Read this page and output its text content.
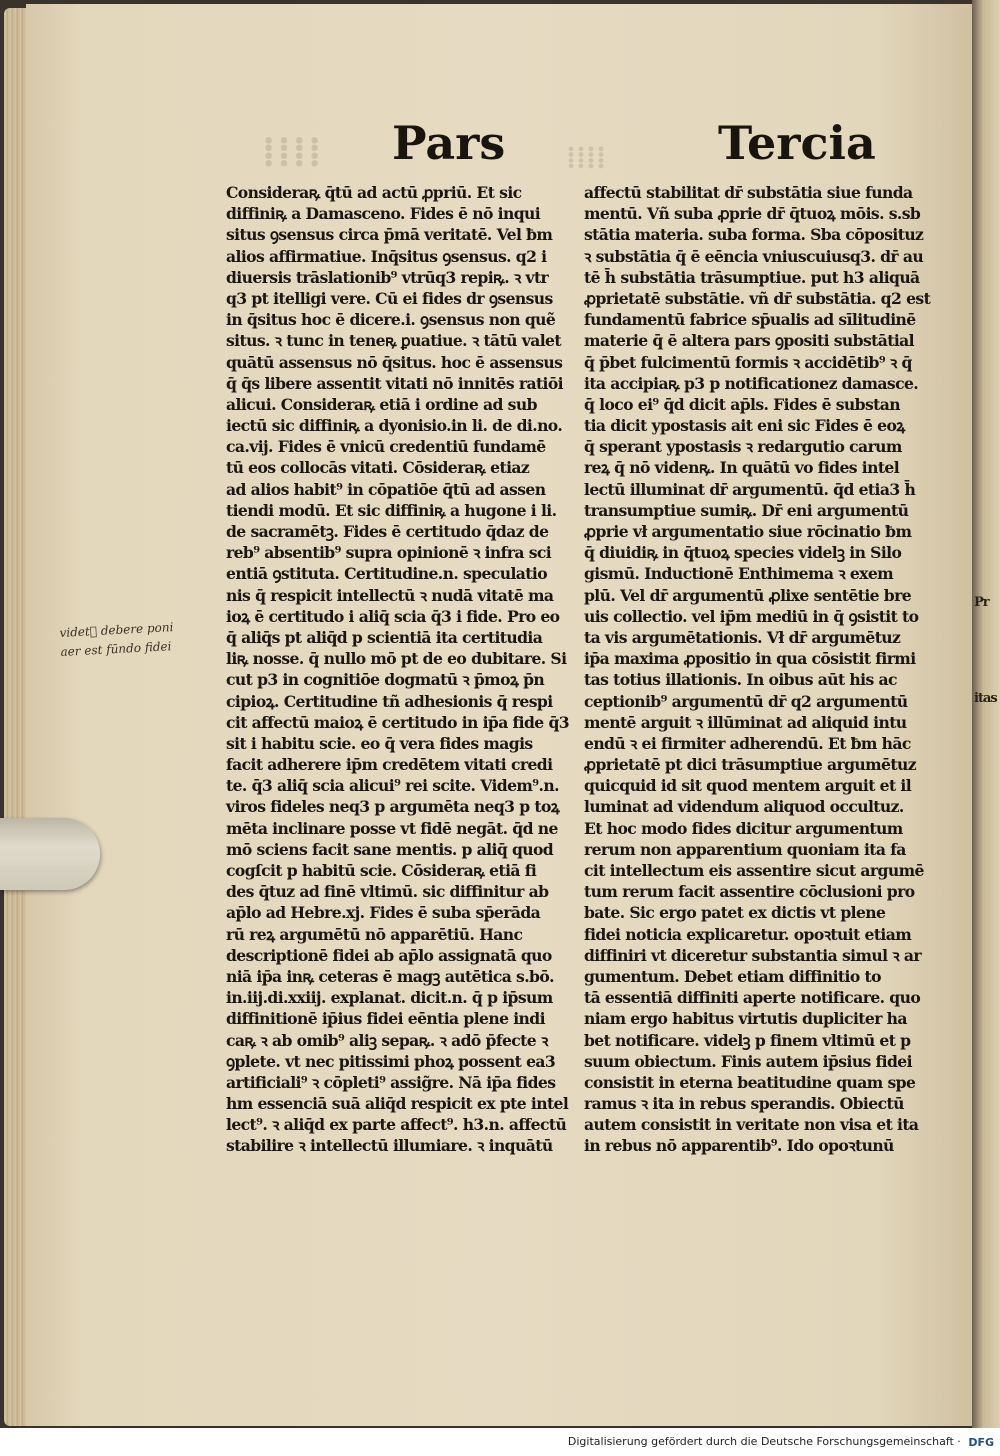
Pr
itas
⁞⁞⁞⁞	⁞⁞⁞⁞
Pars	Tercia
Consideraꝶ q̄tū ad actū ꝓpriū. Et sic
diffiniꝶ a Damasceno. Fides ē nō inqui
situs ꝯsensus circa p̄mā veritatē. Vel ƀm
alios affirmatiue. Inq̄situs ꝯsensus. q2 i
diuersis trāslationib⁹ vtrūq3 repiꝶ. ꝛ vtr
q3 pt itelligi vere. Cū ei fides dr ꝯsensus
in q̄situs hoc ē dicere.i. ꝯsensus non quẽ
situs. ꝛ tunc in teneꝶ ꝑuatiue. ꝛ tātū valet
quātū assensus nō q̄situs. hoc ē assensus
q̄ q̄s libere assentit vitati nō innitēs ratiōi
alicui. Consideraꝶ etiā i ordine ad sub
iectū sic diffiniꝶ a dyonisio.in li. de di.no.
ca.vij. Fides ē vnicū credentiū fundamē
tū eos collocās vitati. Cōsideraꝶ etiaz
ad alios habit⁹ in cōpatiōe q̄tū ad assen
tiendi modū. Et sic diffiniꝶ a hugone i li.
de sacramētꝫ. Fides ē certitudo q̄daz de
reb⁹ absentib⁹ supra opinionē ꝛ infra sci
entiā ꝯstituta. Certitudine.n. speculatio
nis q̄ respicit intellectū ꝛ nudā vitatē ma
ioꝝ ē certitudo i aliq̄ scia q̄3 i fide. Pro eo
q̄ aliq̄s pt aliq̄d p scientiā ita certitudia
liꝶ nosse. q̄ nullo mō pt de eo dubitare. Si
cut p3 in cognitiōe dogmatū ꝛ p̄moꝝ p̄n
cipioꝝ. Certitudine tñ adhesionis q̄ respi
cit affectū maioꝝ ē certitudo in ip̄a fide q̄3
sit i habitu scie. eo q̄ vera fides magis
facit adherere ip̄m credētem vitati credi
te. q̄3 aliq̄ scia alicui⁹ rei scite. Videm⁹.n.
viros fideles neq3 p argumēta neq3 p toꝝ
mēta inclinare posse vt fidē negāt. q̄d ne
mō sciens facit sane mentis. p aliq̄ quod
cogſcit p habitū scie. Cōsideraꝶ etiā fi
des q̄tuz ad finē vltimū. sic diffinitur ab
ap̄lo ad Hebre.xj. Fides ē suba sp̄erāda
rū reꝝ argumētū nō apparētiū. Hanc
descriptionē fidei ab ap̄lo assignatā quo
niā ip̄a inꝶ ceteras ē magꝫ autētica s.bō.
in.iij.di.xxiij. explanat. dicit.n. q̄ p ip̄sum
diffinitionē ip̄ius fidei eēntia plene indi
caꝶ ꝛ ab omib⁹ aliꝫ sepaꝶ. ꝛ adō p̄fecte ꝛ
ꝯplete. vt nec pitissimi phoꝝ possent ea3
artificiali⁹ ꝛ cōpleti⁹ assig̃re. Nā ip̄a fides
hm essenciā suā aliq̄d respicit ex pte intel
lect⁹. ꝛ aliq̄d ex parte affect⁹. h3.n. affectū
stabilire ꝛ intellectū illumiare. ꝛ inquātū
affectū stabilitat dr̄ substātia siue funda
mentū. Vñ suba ꝓprie dr̄ q̄tuoꝝ mōis. s.sb
stātia materia. suba forma. Sba cōposituz
ꝛ substātia q̄ ē eēncia vniuscuiusq3. dr̄ au
tē h̄ substātia trāsumptiue. put h3 aliquā
ꝓprietatē substātie. vñ dr̄ substātia. q2 est
fundamentū fabrice sp̄ualis ad sīlitudinē
materie q̄ ē altera pars ꝯpositi substātial
q̄ p̄bet fulcimentū formis ꝛ accidētib⁹ ꝛ q̄
ita accipiaꝶ p3 p notificationez damasce.
q̄ loco ei⁹ q̄d dicit ap̄ls. Fides ē substan
tia dicit ypostasis ait eni sic Fides ē eoꝝ
q̄ sperant ypostasis ꝛ redargutio carum
reꝝ q̄ nō videnꝶ. In quātū vo fides intel
lectū illuminat dr̄ argumentū. q̄d etia3 h̄
transumptiue sumiꝶ. Dr̄ eni argumentū
ꝓprie vł argumentatio siue rōcinatio ƀm
q̄ diuidiꝶ in q̄tuoꝝ species videlꝫ in Silo
gismū. Inductionē Enthimema ꝛ exem
plū. Vel dr̄ argumentū ꝓlixe sentētie bre
uis collectio. vel ip̄m mediū in q̄ ꝯsistit to
ta vis argumētationis. Vł dr̄ argumētuz
ip̄a maxima ꝓpositio in qua cōsistit firmi
tas totius illationis. In oibus aūt his ac
ceptionib⁹ argumentū dr̄ q2 argumentū
mentē arguit ꝛ illūminat ad aliquid intu
endū ꝛ ei firmiter adherendū. Et ƀm hāc
ꝓprietatē pt dici trāsumptiue argumētuz
quicquid id sit quod mentem arguit et il
luminat ad videndum aliquod occultuz.
Et hoc modo fides dicitur argumentum
rerum non apparentium quoniam ita fa
cit intellectum eis assentire sicut argumē
tum rerum facit assentire cōclusioni pro
bate. Sic ergo patet ex dictis vt plene
fidei noticia explicaretur. opoꝛtuit etiam
diffiniri vt diceretur substantia simul ꝛ ar
gumentum. Debet etiam diffinitio to
tā essentiā diffiniti aperte notificare. quo
niam ergo habitus virtutis dupliciter ha
bet notificare. videlꝫ p finem vltimū et p
suum obiectum. Finis autem ip̄sius fidei
consistit in eterna beatitudine quam spe
ramus ꝛ ita in rebus sperandis. Obiectū
autem consistit in veritate non visa et ita
in rebus nō apparentib⁹. Ido opoꝛtunū
videt᷑ debere poni
aer est fūndo fidei
Digitalisierung gefördert durch die Deutsche Forschungsgemeinschaft · DFG
